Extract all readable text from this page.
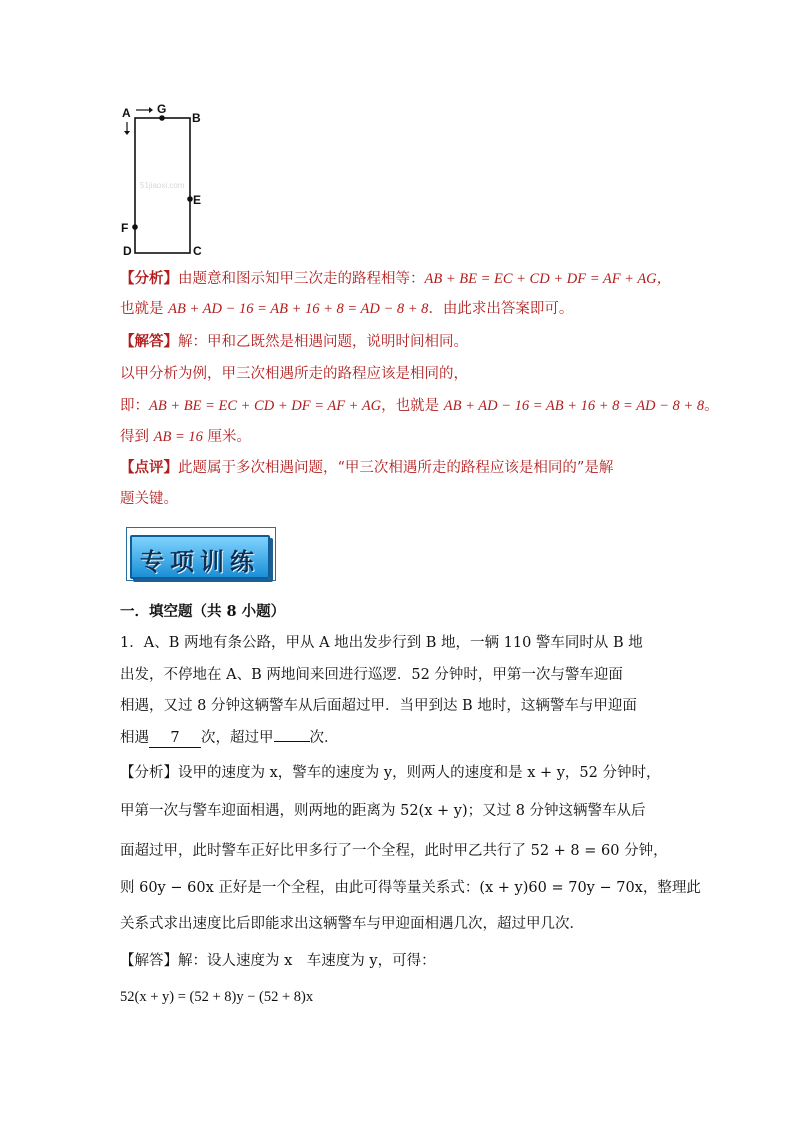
51jiaoxi.com
A G
B
E
F
D	C
【分析】由题意和图示知甲三次走的路程相等：AB + BE = EC + CD + DF = AF + AG，
也就是 AB + AD − 16 = AB + 16 + 8 = AD − 8 + 8．由此求出答案即可。
【解答】解：甲和乙既然是相遇问题，说明时间相同。
以甲分析为例，甲三次相遇所走的路程应该是相同的，
即：AB + BE = EC + CD + DF = AF + AG，也就是 AB + AD − 16 = AB + 16 + 8 = AD − 8 + 8。
得到 AB = 16 厘米。
【点评】此题属于多次相遇问题，“甲三次相遇所走的路程应该是相同的”是解
题关键。
专项训练
一．填空题（共 8 小题）
1．A、B 两地有条公路，甲从 A 地出发步行到 B 地，一辆 110 警车同时从 B 地
出发，不停地在 A、B 两地间来回进行巡逻．52 分钟时，甲第一次与警车迎面
相遇，又过 8 分钟这辆警车从后面超过甲．当甲到达 B 地时，这辆警车与甲迎面
相遇 7 次，超过甲 次．
【分析】设甲的速度为 x，警车的速度为 y，则两人的速度和是 x + y，52 分钟时，
甲第一次与警车迎面相遇，则两地的距离为 52(x + y)；又过 8 分钟这辆警车从后
面超过甲，此时警车正好比甲多行了一个全程，此时甲乙共行了 52 + 8 = 60 分钟，
则 60y − 60x 正好是一个全程，由此可得等量关系式：(x + y)60 = 70y − 70x，整理此
关系式求出速度比后即能求出这辆警车与甲迎面相遇几次，超过甲几次．
【解答】解：设人速度为 x　车速度为 y，可得：
52(x + y) = (52 + 8)y − (52 + 8)x
